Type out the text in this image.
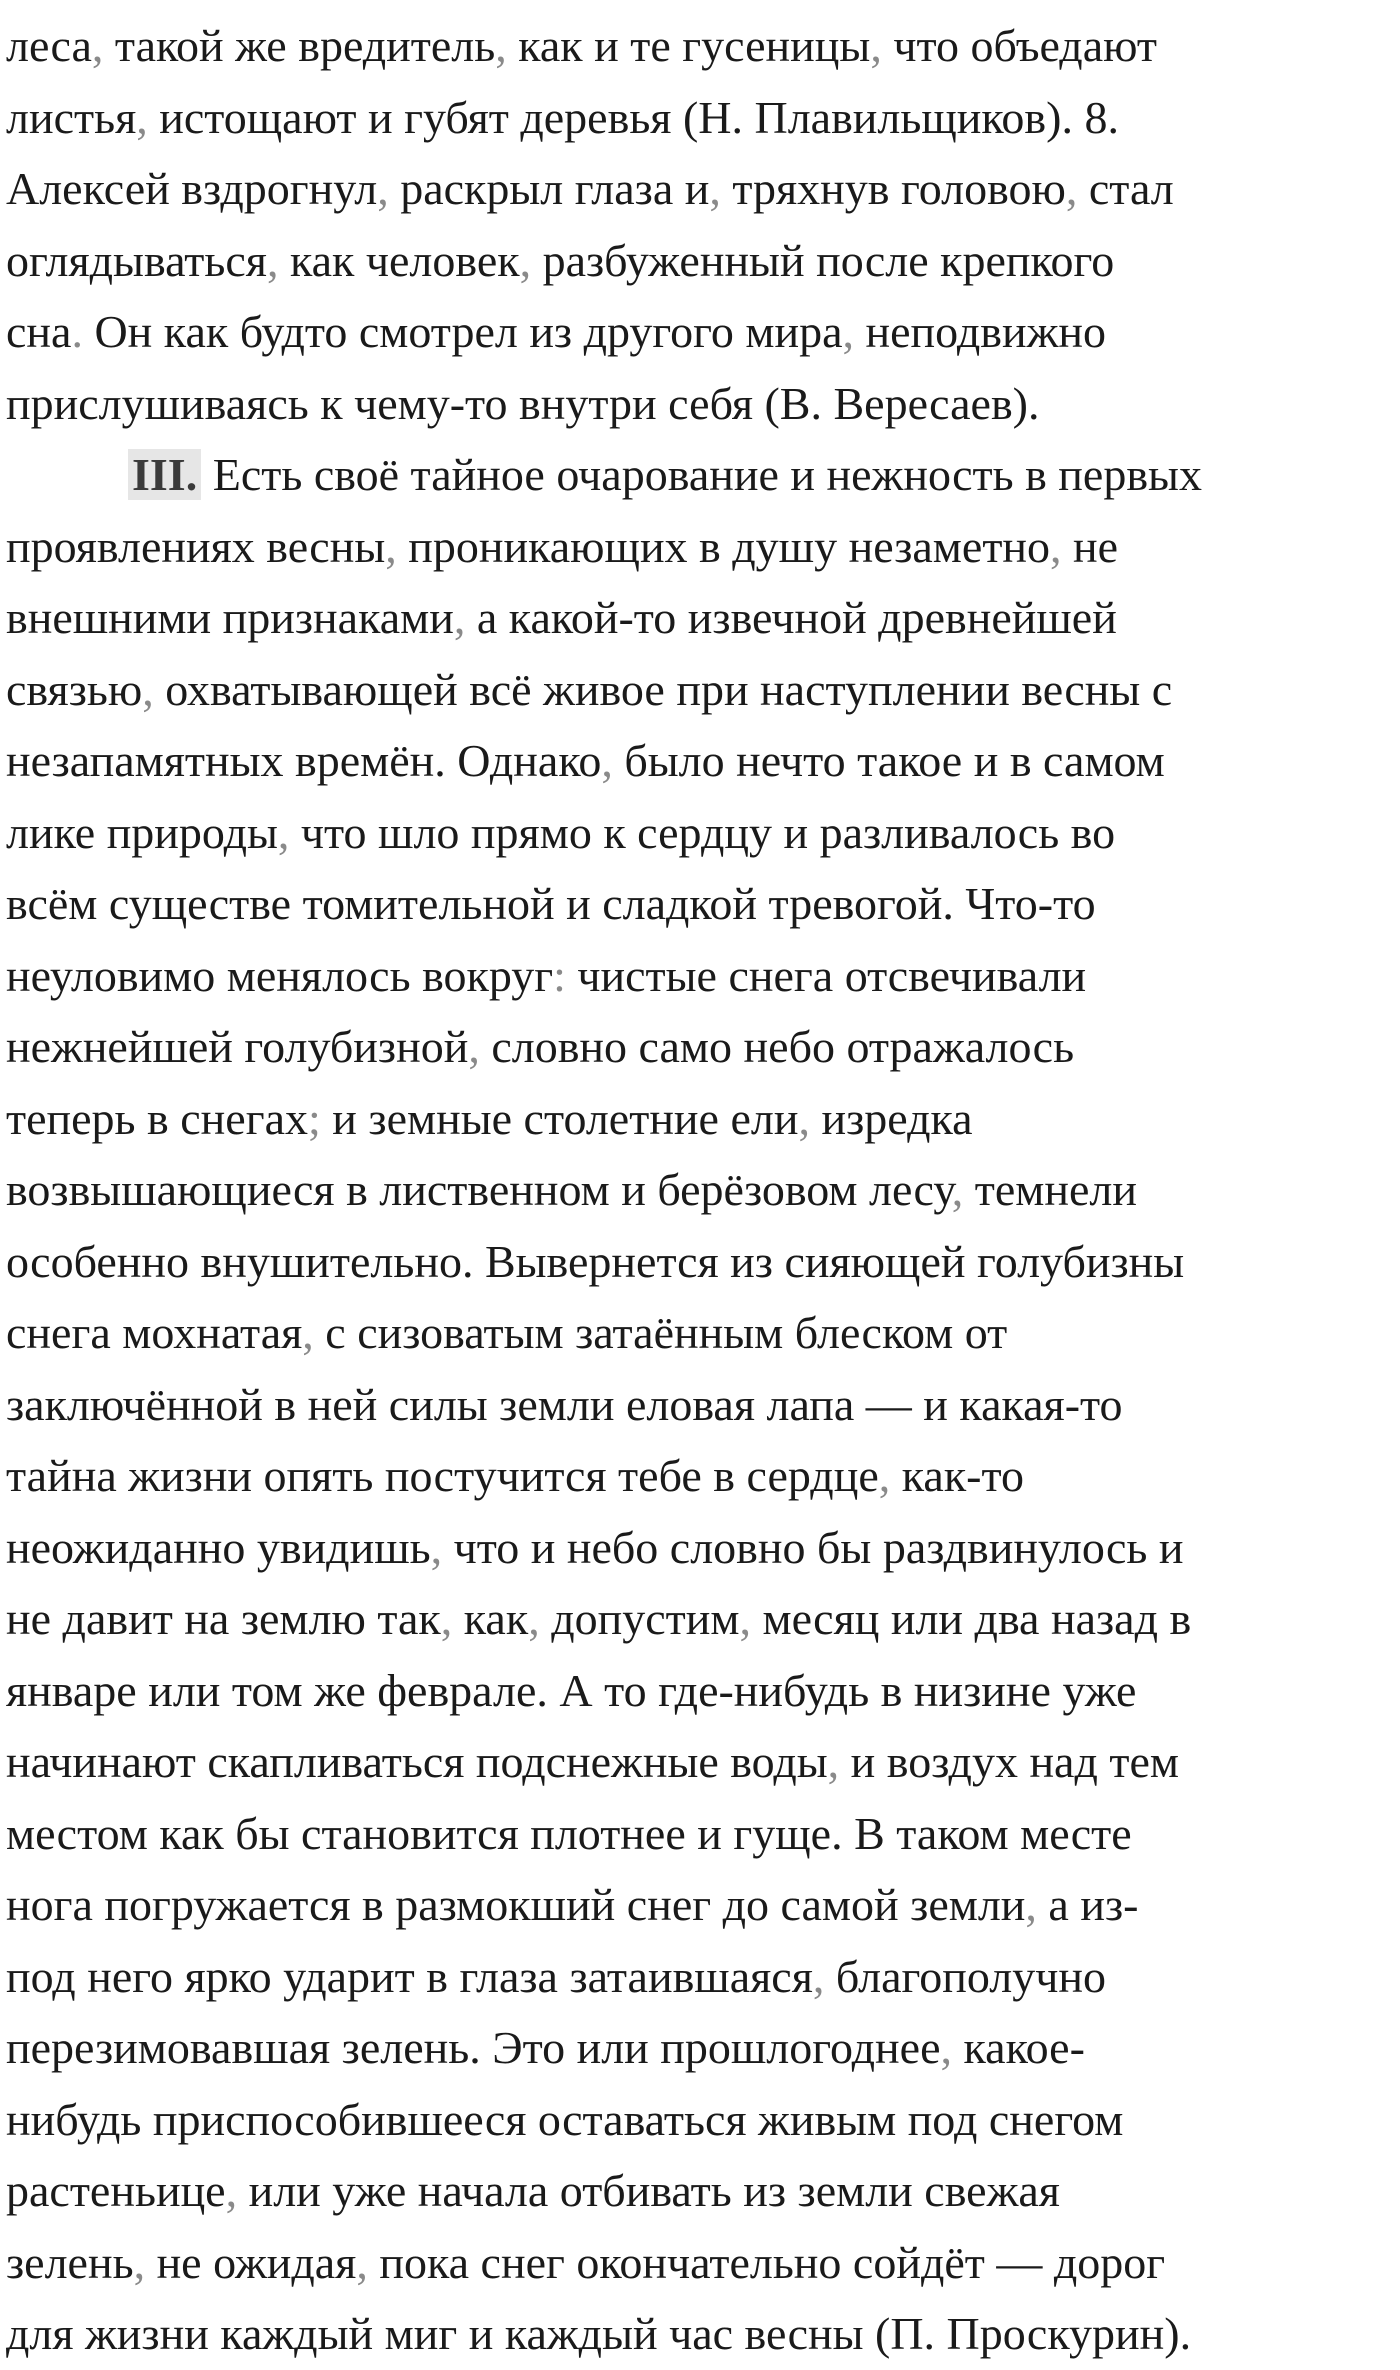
леса, такой же вредитель, как и те гусеницы, что объедают
листья, истощают и губят деревья (Н. Плавильщиков). 8.
Алексей вздрогнул, раскрыл глаза и, тряхнув головою, стал
оглядываться, как человек, разбуженный после крепкого
сна. Он как будто смотрел из другого мира, неподвижно
прислушиваясь к чему-то внутри себя (В. Вересаев).
III. Есть своё тайное очарование и нежность в первых
проявлениях весны, проникающих в душу незаметно, не
внешними признаками, а какой-то извечной древнейшей
связью, охватывающей всё живое при наступлении весны с
незапамятных времён. Однако, было нечто такое и в самом
лике природы, что шло прямо к сердцу и разливалось во
всём существе томительной и сладкой тревогой. Что-то
неуловимо менялось вокруг: чистые снега отсвечивали
нежнейшей голубизной, словно само небо отражалось
теперь в снегах; и земные столетние ели, изредка
возвышающиеся в лиственном и берёзовом лесу, темнели
особенно внушительно. Вывернется из сияющей голубизны
снега мохнатая, с сизоватым затаённым блеском от
заключённой в ней силы земли еловая лапа — и какая-то
тайна жизни опять постучится тебе в сердце, как-то
неожиданно увидишь, что и небо словно бы раздвинулось и
не давит на землю так, как, допустим, месяц или два назад в
январе или том же феврале. А то где-нибудь в низине уже
начинают скапливаться подснежные воды, и воздух над тем
местом как бы становится плотнее и гуще. В таком месте
нога погружается в размокший снег до самой земли, а из-
под него ярко ударит в глаза затаившаяся, благополучно
перезимовавшая зелень. Это или прошлогоднее, какое-
нибудь приспособившееся оставаться живым под снегом
растеньице, или уже начала отбивать из земли свежая
зелень, не ожидая, пока снег окончательно сойдёт — дорог
для жизни каждый миг и каждый час весны (П. Проскурин).
